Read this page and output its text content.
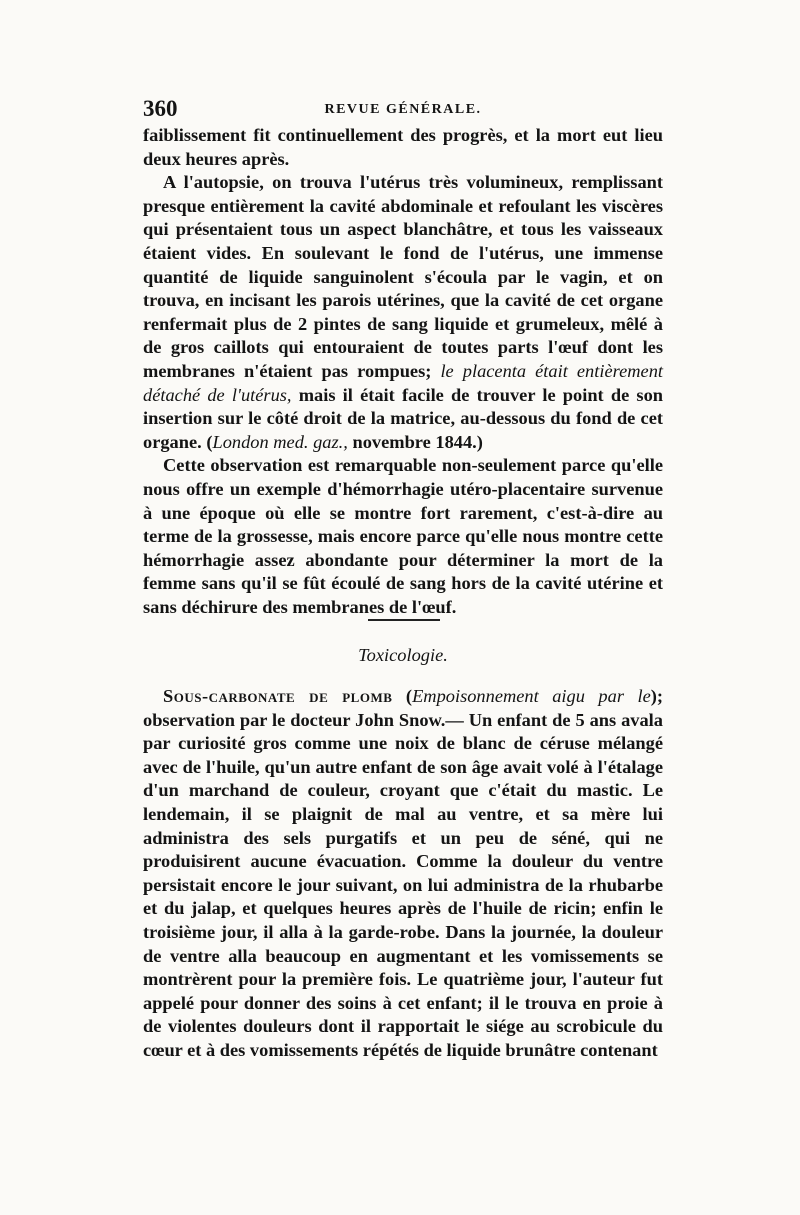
360	REVUE GÉNÉRALE.

faiblissement fit continuellement des progrès, et la mort eut lieu deux heures après.

A l'autopsie, on trouva l'utérus très volumineux, remplissant presque entièrement la cavité abdominale et refoulant les viscères qui présentaient tous un aspect blanchâtre, et tous les vaisseaux étaient vides. En soulevant le fond de l'utérus, une immense quantité de liquide sanguinolent s'écoula par le vagin, et on trouva, en incisant les parois utérines, que la cavité de cet organe renfermait plus de 2 pintes de sang liquide et grumeleux, mêlé à de gros caillots qui entouraient de toutes parts l'œuf dont les membranes n'étaient pas rompues; le placenta était entièrement détaché de l'utérus, mais il était facile de trouver le point de son insertion sur le côté droit de la matrice, au-dessous du fond de cet organe. (London med. gaz., novembre 1844.)

Cette observation est remarquable non-seulement parce qu'elle nous offre un exemple d'hémorrhagie utéro-placentaire survenue à une époque où elle se montre fort rarement, c'est-à-dire au terme de la grossesse, mais encore parce qu'elle nous montre cette hémorrhagie assez abondante pour déterminer la mort de la femme sans qu'il se fût écoulé de sang hors de la cavité utérine et sans déchirure des membranes de l'œuf.

Toxicologie.

Sous-carbonate de plomb (Empoisonnement aigu par le); observation par le docteur John Snow.— Un enfant de 5 ans avala par curiosité gros comme une noix de blanc de céruse mélangé avec de l'huile, qu'un autre enfant de son âge avait volé à l'étalage d'un marchand de couleur, croyant que c'était du mastic. Le lendemain, il se plaignit de mal au ventre, et sa mère lui administra des sels purgatifs et un peu de séné, qui ne produisirent aucune évacuation. Comme la douleur du ventre persistait encore le jour suivant, on lui administra de la rhubarbe et du jalap, et quelques heures après de l'huile de ricin; enfin le troisième jour, il alla à la garde-robe. Dans la journée, la douleur de ventre alla beaucoup en augmentant et les vomissements se montrèrent pour la première fois. Le quatrième jour, l'auteur fut appelé pour donner des soins à cet enfant; il le trouva en proie à de violentes douleurs dont il rapportait le siége au scrobicule du cœur et à des vomissements répétés de liquide brunâtre contenant
